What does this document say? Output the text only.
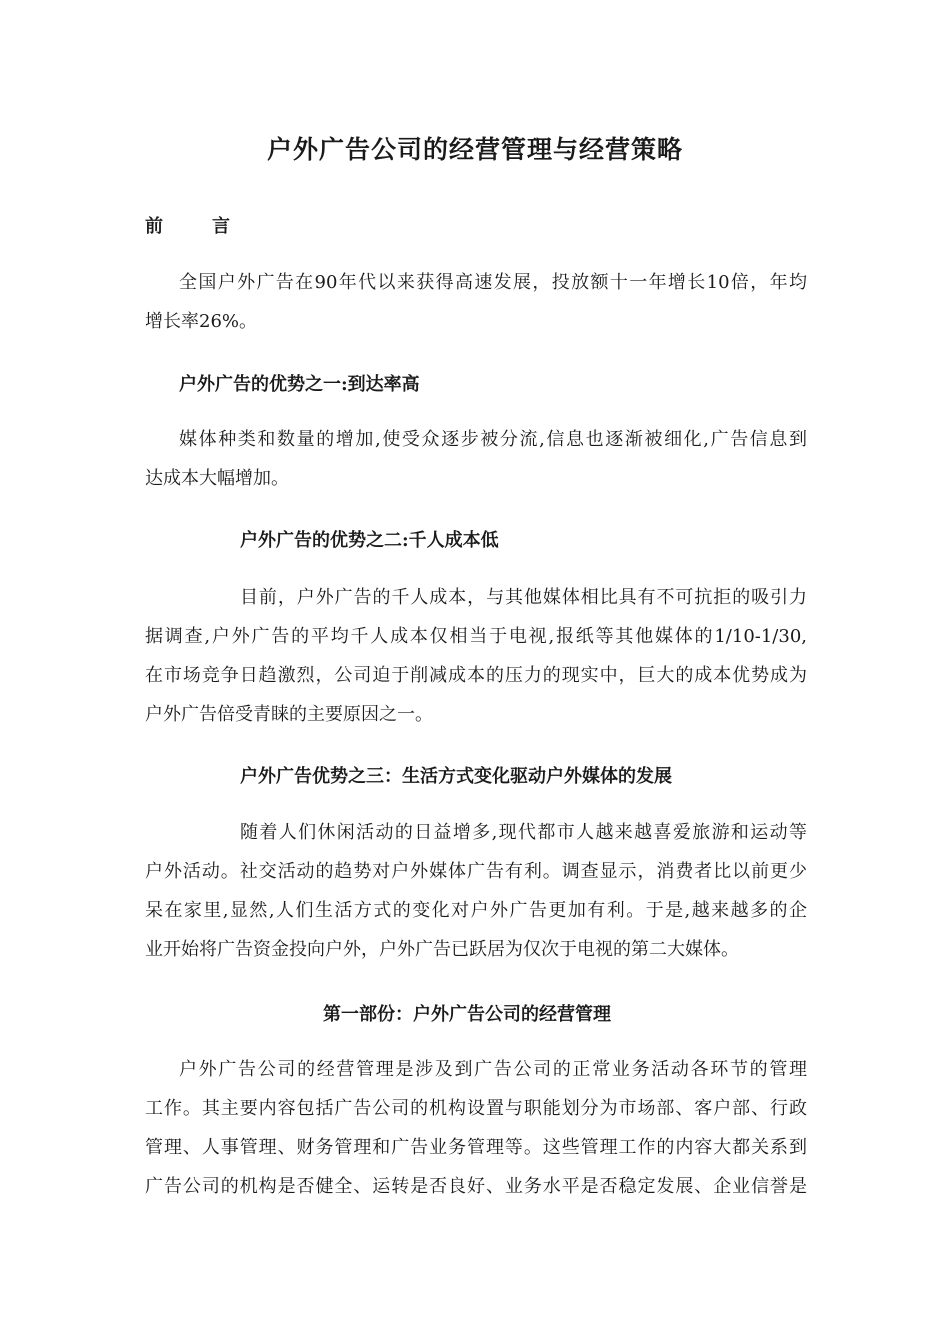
户外广告公司的经营管理与经营策略
前	言
全国户外广告在90年代以来获得高速发展，投放额十一年增长10倍，年均
增长率26%。
户外广告的优势之一:到达率高
媒体种类和数量的增加,使受众逐步被分流,信息也逐渐被细化,广告信息到
达成本大幅增加。
户外广告的优势之二:千人成本低
目前，户外广告的千人成本，与其他媒体相比具有不可抗拒的吸引力
据调查,户外广告的平均千人成本仅相当于电视,报纸等其他媒体的1/10-1/30,
在市场竞争日趋激烈，公司迫于削减成本的压力的现实中，巨大的成本优势成为
户外广告倍受青睐的主要原因之一。
户外广告优势之三：生活方式变化驱动户外媒体的发展
随着人们休闲活动的日益增多,现代都市人越来越喜爱旅游和运动等
户外活动。社交活动的趋势对户外媒体广告有利。调查显示，消费者比以前更少
呆在家里,显然,人们生活方式的变化对户外广告更加有利。于是,越来越多的企
业开始将广告资金投向户外，户外广告已跃居为仅次于电视的第二大媒体。
第一部份：户外广告公司的经营管理
户外广告公司的经营管理是涉及到广告公司的正常业务活动各环节的管理
工作。其主要内容包括广告公司的机构设置与职能划分为市场部、客户部、行政
管理、人事管理、财务管理和广告业务管理等。这些管理工作的内容大都关系到
广告公司的机构是否健全、运转是否良好、业务水平是否稳定发展、企业信誉是
